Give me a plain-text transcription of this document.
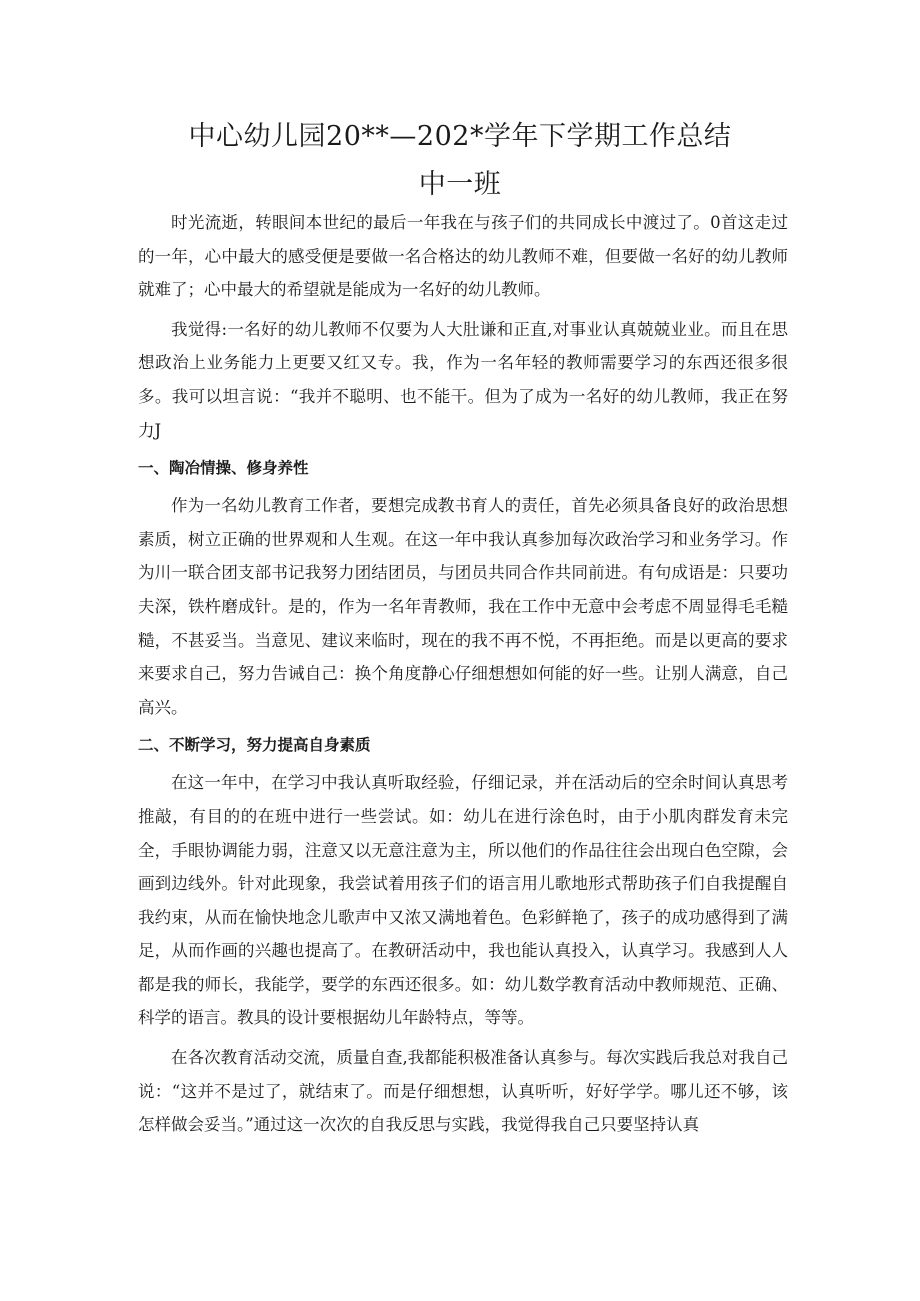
中心幼儿园20**—202*学年下学期工作总结
中一班

时光流逝，转眼间本世纪的最后一年我在与孩子们的共同成长中渡过了。0首这走过的一年，心中最大的感受便是要做一名合格达的幼儿教师不难，但要做一名好的幼儿教师就难了；心中最大的希望就是能成为一名好的幼儿教师。

我觉得:一名好的幼儿教师不仅要为人大肚谦和正直,对事业认真兢兢业业。而且在思想政治上业务能力上更要又红又专。我，作为一名年轻的教师需要学习的东西还很多很多。我可以坦言说：“我并不聪明、也不能干。但为了成为一名好的幼儿教师，我正在努力J

一、陶冶情操、修身养性

作为一名幼儿教育工作者，要想完成教书育人的责任，首先必须具备良好的政治思想素质，树立正确的世界观和人生观。在这一年中我认真参加每次政治学习和业务学习。作为川一联合团支部书记我努力团结团员，与团员共同合作共同前进。有句成语是：只要功夫深，铁杵磨成针。是的，作为一名年青教师，我在工作中无意中会考虑不周显得毛毛糙糙，不甚妥当。当意见、建议来临时，现在的我不再不悦，不再拒绝。而是以更高的要求来要求自己，努力告诫自己：换个角度静心仔细想想如何能的好一些。让别人满意，自己高兴。

二、不断学习，努力提高自身素质

在这一年中，在学习中我认真听取经验，仔细记录，并在活动后的空余时间认真思考推敲，有目的的在班中进行一些尝试。如：幼儿在进行涂色时，由于小肌肉群发育未完全，手眼协调能力弱，注意又以无意注意为主，所以他们的作品往往会出现白色空隙，会画到边线外。针对此现象，我尝试着用孩子们的语言用儿歌地形式帮助孩子们自我提醒自我约束，从而在愉快地念儿歌声中又浓又满地着色。色彩鲜艳了，孩子的成功感得到了满足，从而作画的兴趣也提高了。在教研活动中，我也能认真投入，认真学习。我感到人人都是我的师长，我能学，要学的东西还很多。如：幼儿数学教育活动中教师规范、正确、科学的语言。教具的设计要根据幼儿年龄特点，等等。

在各次教育活动交流，质量自查,我都能积极准备认真参与。每次实践后我总对我自己说：“这并不是过了，就结束了。而是仔细想想，认真听听，好好学学。哪儿还不够，该怎样做会妥当。”通过这一次次的自我反思与实践，我觉得我自己只要坚持认真
